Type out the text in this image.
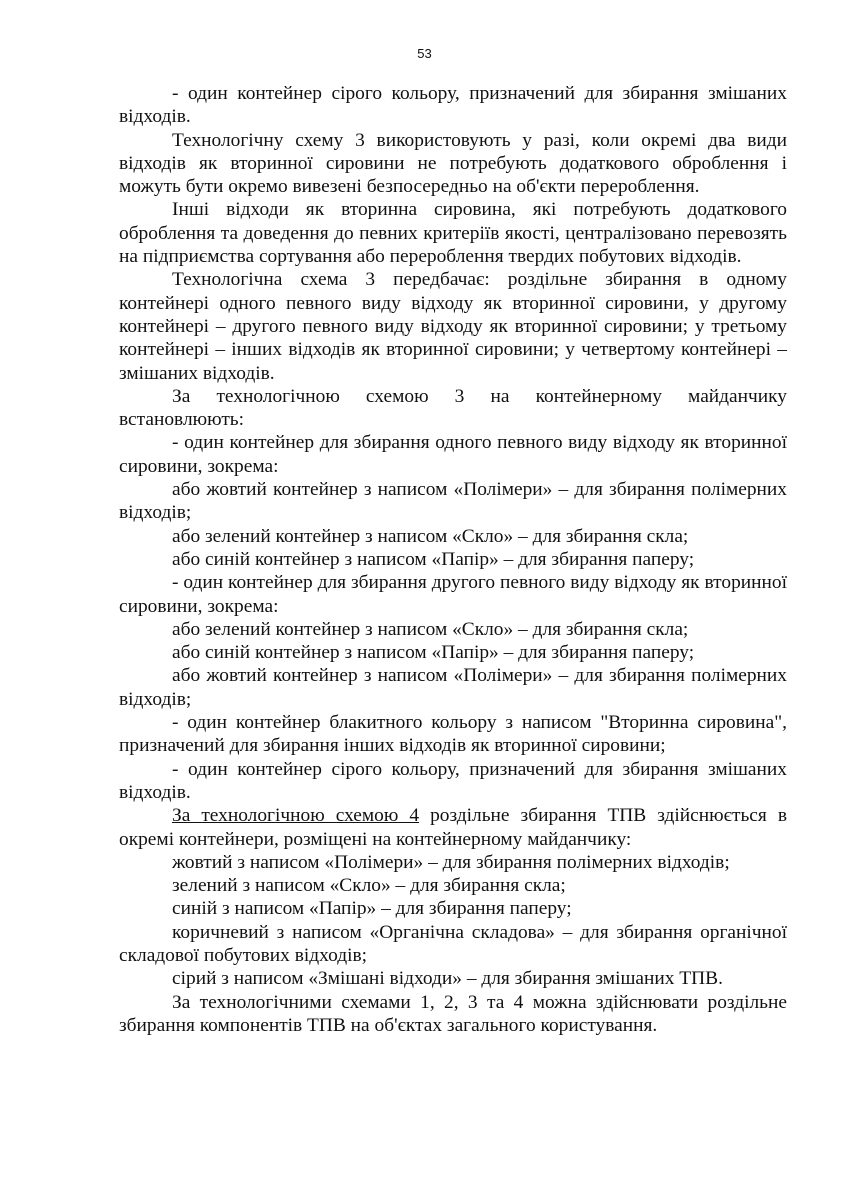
53

- один контейнер сірого кольору, призначений для збирання змішаних відходів.

Технологічну схему 3 використовують у разі, коли окремі два види відходів як вторинної сировини не потребують додаткового оброблення і можуть бути окремо вивезені безпосередньо на об'єкти перероблення.

Інші відходи як вторинна сировина, які потребують додаткового оброблення та доведення до певних критеріїв якості, централізовано перевозять на підприємства сортування або перероблення твердих побутових відходів.

Технологічна схема 3 передбачає: роздільне збирання в одному контейнері одного певного виду відходу як вторинної сировини, у другому контейнері – другого певного виду відходу як вторинної сировини; у третьому контейнері – інших відходів як вторинної сировини; у четвертому контейнері – змішаних відходів.

За технологічною схемою 3 на контейнерному майданчику встановлюють:

- один контейнер для збирання одного певного виду відходу як вторинної сировини, зокрема:

або жовтий контейнер з написом «Полімери» – для збирання полімерних відходів;

або зелений контейнер з написом «Скло» – для збирання скла;

або синій контейнер з написом «Папір» – для збирання паперу;

- один контейнер для збирання другого певного виду відходу як вторинної сировини, зокрема:

або зелений контейнер з написом «Скло» – для збирання скла;

або синій контейнер з написом «Папір» – для збирання паперу;

або жовтий контейнер з написом «Полімери» – для збирання полімерних відходів;

- один контейнер блакитного кольору з написом "Вторинна сировина", призначений для збирання інших відходів як вторинної сировини;

- один контейнер сірого кольору, призначений для збирання змішаних відходів.

За технологічною схемою 4 роздільне збирання ТПВ здійснюється в окремі контейнери, розміщені на контейнерному майданчику:

жовтий з написом «Полімери» – для збирання полімерних відходів;

зелений з написом «Скло» – для збирання скла;

синій з написом «Папір» – для збирання паперу;

коричневий з написом «Органічна складова» – для збирання органічної складової побутових відходів;

сірий з написом «Змішані відходи» – для збирання змішаних ТПВ.

За технологічними схемами 1, 2, 3 та 4 можна здійснювати роздільне збирання компонентів ТПВ на об'єктах загального користування.
